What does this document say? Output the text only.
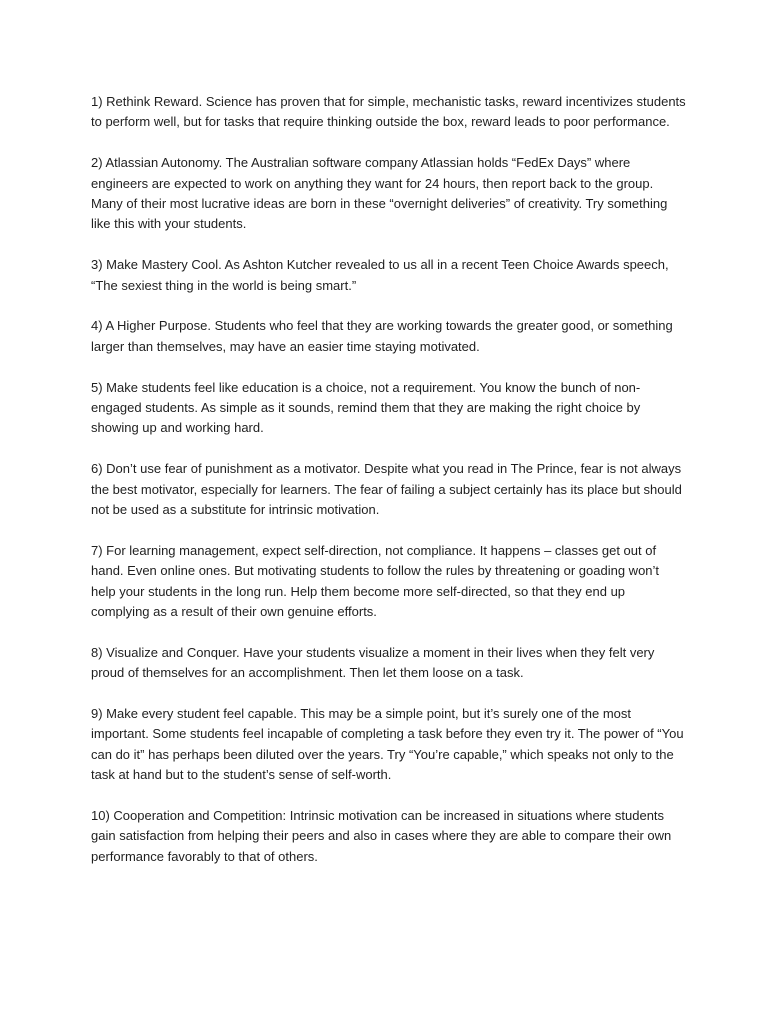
1) Rethink Reward. Science has proven that for simple, mechanistic tasks, reward incentivizes students to perform well, but for tasks that require thinking outside the box, reward leads to poor performance.

2) Atlassian Autonomy. The Australian software company Atlassian holds “FedEx Days” where engineers are expected to work on anything they want for 24 hours, then report back to the group. Many of their most lucrative ideas are born in these “overnight deliveries” of creativity. Try something like this with your students.

3) Make Mastery Cool. As Ashton Kutcher revealed to us all in a recent Teen Choice Awards speech, “The sexiest thing in the world is being smart.”

4) A Higher Purpose. Students who feel that they are working towards the greater good, or something larger than themselves, may have an easier time staying motivated.

5) Make students feel like education is a choice, not a requirement. You know the bunch of non-engaged students. As simple as it sounds, remind them that they are making the right choice by showing up and working hard.

6) Don’t use fear of punishment as a motivator. Despite what you read in The Prince, fear is not always the best motivator, especially for learners. The fear of failing a subject certainly has its place but should not be used as a substitute for intrinsic motivation.

7) For learning management, expect self-direction, not compliance. It happens – classes get out of hand. Even online ones. But motivating students to follow the rules by threatening or goading won’t help your students in the long run. Help them become more self-directed, so that they end up complying as a result of their own genuine efforts.

8) Visualize and Conquer. Have your students visualize a moment in their lives when they felt very proud of themselves for an accomplishment. Then let them loose on a task.

9) Make every student feel capable. This may be a simple point, but it’s surely one of the most important. Some students feel incapable of completing a task before they even try it. The power of “You can do it” has perhaps been diluted over the years. Try “You’re capable,” which speaks not only to the task at hand but to the student’s sense of self-worth.

10) Cooperation and Competition: Intrinsic motivation can be increased in situations where students gain satisfaction from helping their peers and also in cases where they are able to compare their own performance favorably to that of others.
